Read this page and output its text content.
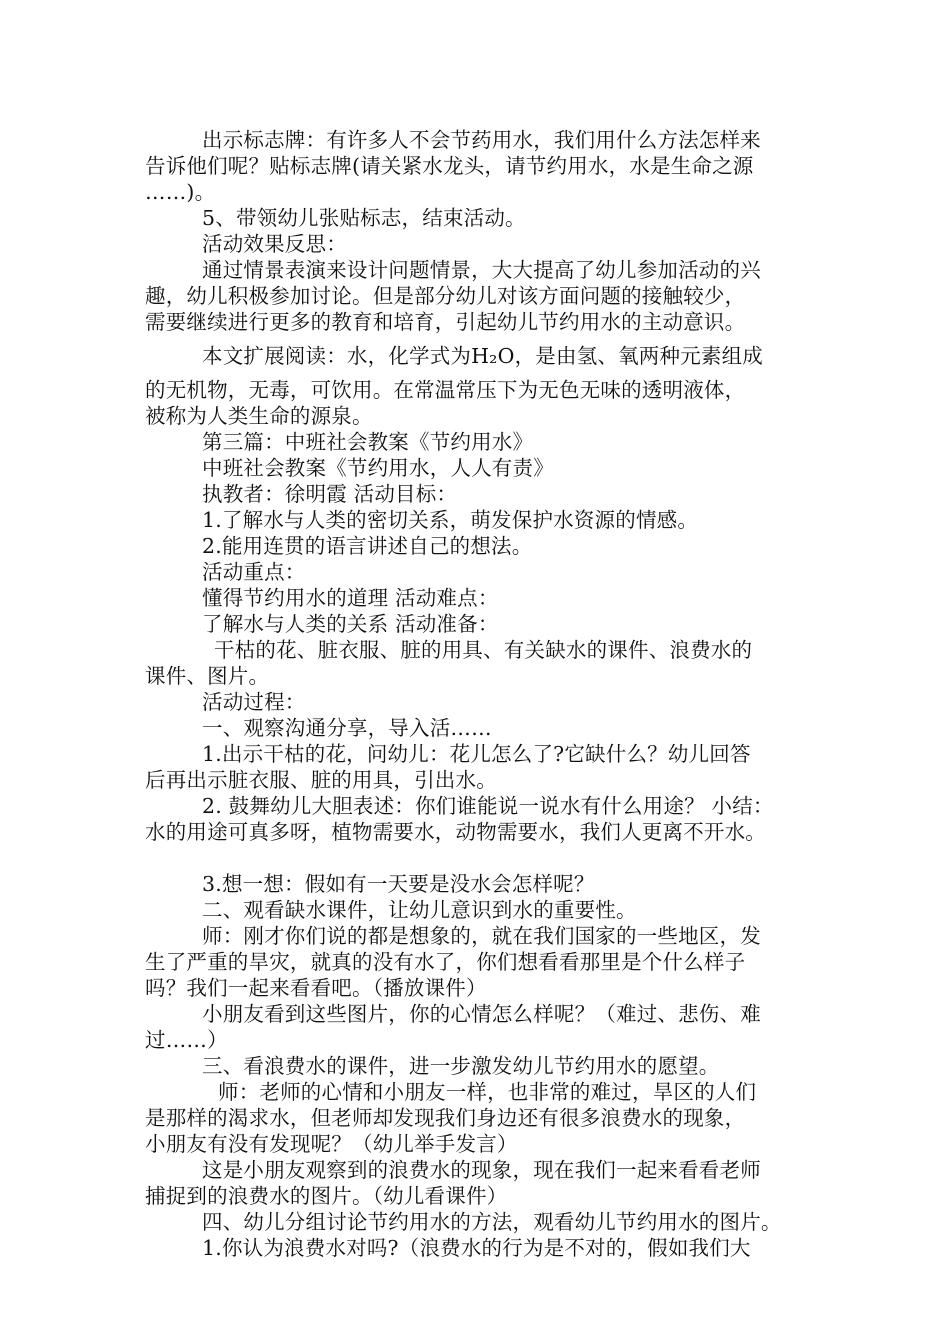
出示标志牌：有许多人不会节药用水，我们用什么方法怎样来
告诉他们呢？贴标志牌(请关紧水龙头，请节约用水，水是生命之源
……)。
5、带领幼儿张贴标志，结束活动。
活动效果反思：
通过情景表演来设计问题情景，大大提高了幼儿参加活动的兴
趣，幼儿积极参加讨论。但是部分幼儿对该方面问题的接触较少，
需要继续进行更多的教育和培育，引起幼儿节约用水的主动意识。
本文扩展阅读：水，化学式为H₂O，是由氢、氧两种元素组成
的无机物，无毒，可饮用。在常温常压下为无色无味的透明液体，
被称为人类生命的源泉。
第三篇：中班社会教案《节约用水》
中班社会教案《节约用水，人人有责》
执教者：徐明霞 活动目标：
1.了解水与人类的密切关系，萌发保护水资源的情感。
2.能用连贯的语言讲述自己的想法。
活动重点：
懂得节约用水的道理 活动难点：
了解水与人类的关系 活动准备：
干枯的花、脏衣服、脏的用具、有关缺水的课件、浪费水的
课件、图片。
活动过程：
一、观察沟通分享，导入活……
1.出示干枯的花，问幼儿：花儿怎么了?它缺什么？幼儿回答
后再出示脏衣服、脏的用具，引出水。
2. 鼓舞幼儿大胆表述：你们谁能说一说水有什么用途？ 小结：
水的用途可真多呀，植物需要水，动物需要水，我们人更离不开水。
3.想一想：假如有一天要是没水会怎样呢？
二、观看缺水课件，让幼儿意识到水的重要性。
师：刚才你们说的都是想象的，就在我们国家的一些地区，发
生了严重的旱灾，就真的没有水了，你们想看看那里是个什么样子
吗？我们一起来看看吧。（播放课件）
小朋友看到这些图片，你的心情怎么样呢？（难过、悲伤、难
过……）
三、看浪费水的课件，进一步激发幼儿节约用水的愿望。
师：老师的心情和小朋友一样，也非常的难过，旱区的人们
是那样的渴求水，但老师却发现我们身边还有很多浪费水的现象，
小朋友有没有发现呢？（幼儿举手发言）
这是小朋友观察到的浪费水的现象，现在我们一起来看看老师
捕捉到的浪费水的图片。（幼儿看课件）
四、幼儿分组讨论节约用水的方法，观看幼儿节约用水的图片。
1.你认为浪费水对吗?（浪费水的行为是不对的，假如我们大
